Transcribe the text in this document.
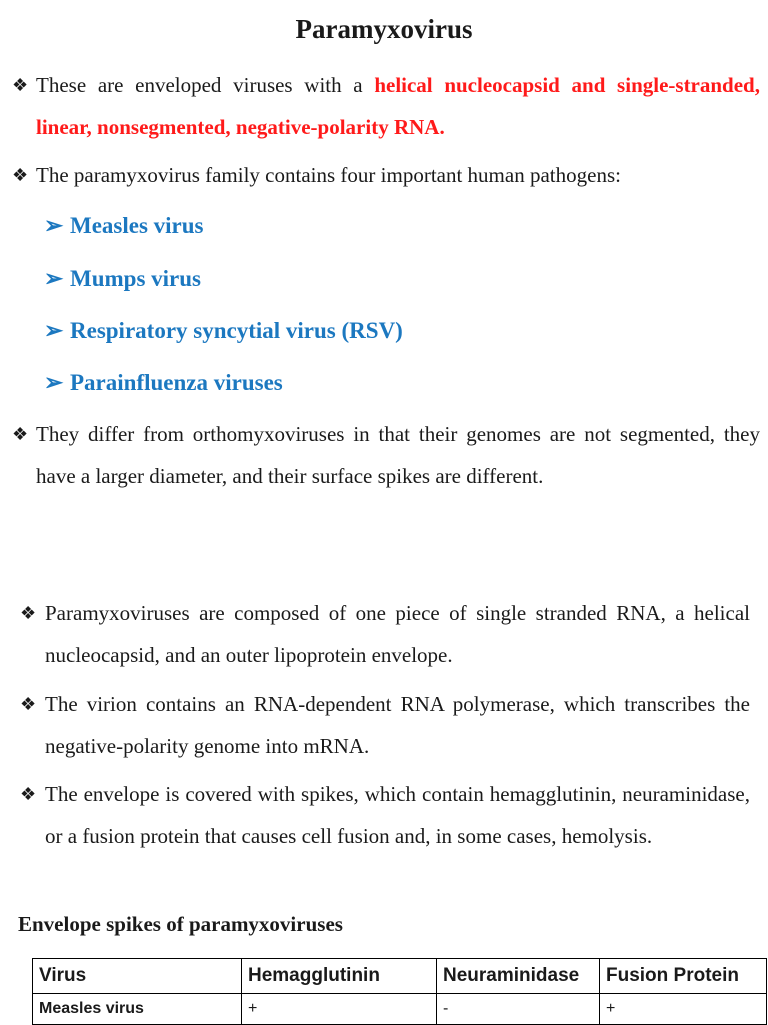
Paramyxovirus
❖ These are enveloped viruses with a helical nucleocapsid and single-stranded, linear, nonsegmented, negative-polarity RNA.
❖ The paramyxovirus family contains four important human pathogens:
➢ Measles virus
➢ Mumps virus
➢ Respiratory syncytial virus (RSV)
➢ Parainfluenza viruses
❖ They differ from orthomyxoviruses in that their genomes are not segmented, they have a larger diameter, and their surface spikes are different.
❖ Paramyxoviruses are composed of one piece of single stranded RNA, a helical nucleocapsid, and an outer lipoprotein envelope.
❖ The virion contains an RNA-dependent RNA polymerase, which transcribes the negative-polarity genome into mRNA.
❖ The envelope is covered with spikes, which contain hemagglutinin, neuraminidase, or a fusion protein that causes cell fusion and, in some cases, hemolysis.
Envelope spikes of paramyxoviruses
Virus	Hemagglutinin	Neuraminidase	Fusion Protein
Measles virus	+	-	+
